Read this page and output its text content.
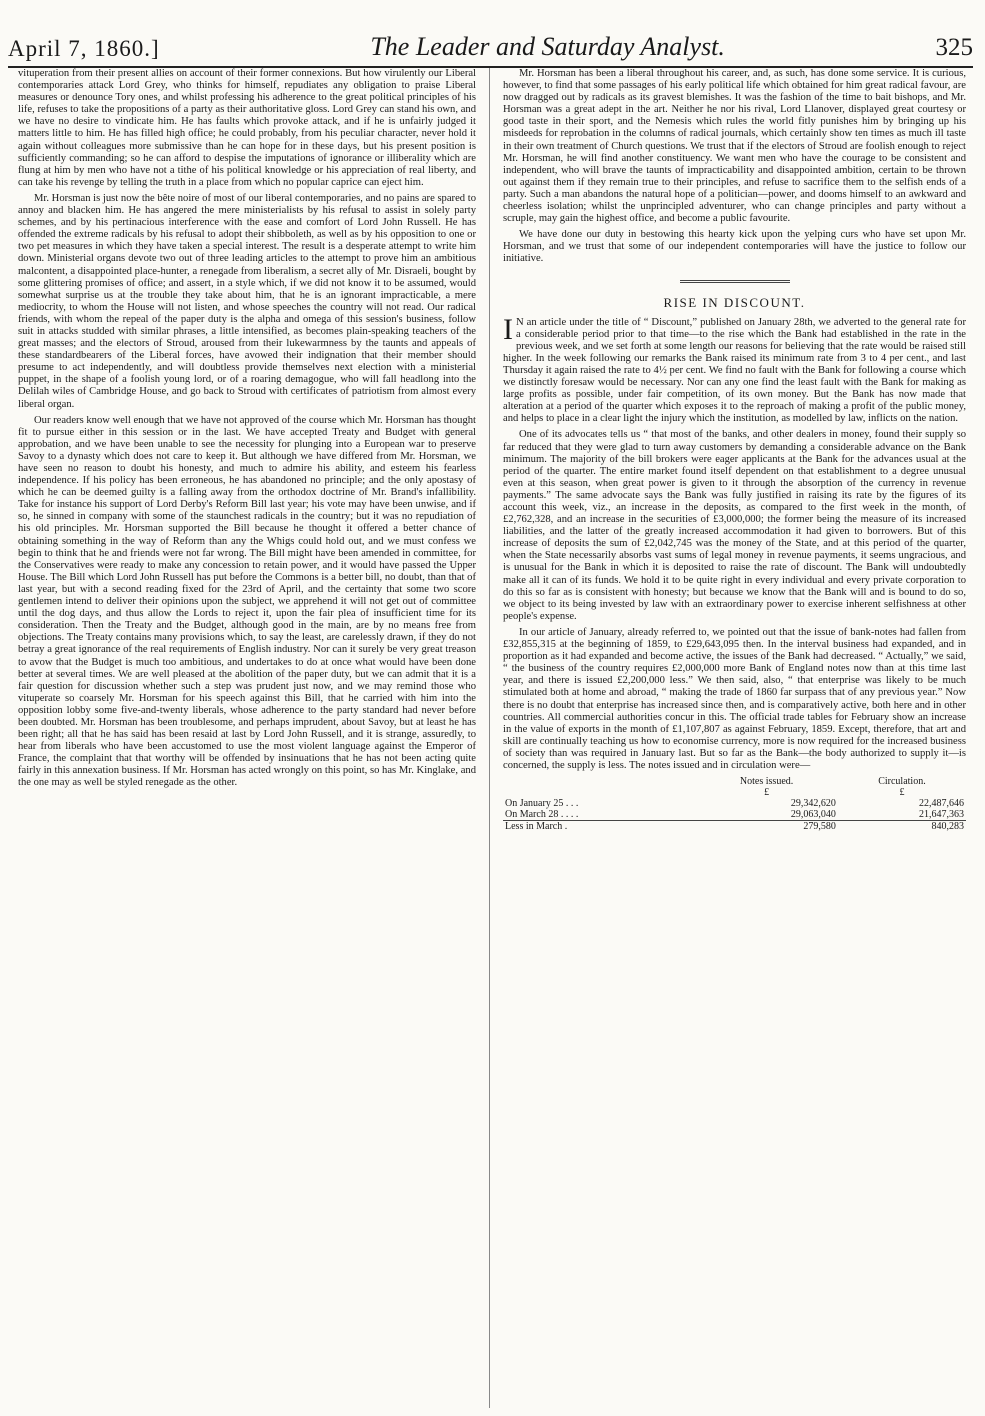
April 7, 1860.]	The Leader and Saturday Analyst.	325

vituperation from their present allies on account of their former connexions. But how virulently our Liberal contemporaries attack Lord Grey, who thinks for himself, repudiates any obligation to praise Liberal measures or denounce Tory ones, and whilst professing his adherence to the great political principles of his life, refuses to take the propositions of a party as their authoritative gloss. Lord Grey can stand his own, and we have no desire to vindicate him. He has faults which provoke attack, and if he is unfairly judged it matters little to him. He has filled high office; he could probably, from his peculiar character, never hold it again without colleagues more submissive than he can hope for in these days, but his present position is sufficiently commanding; so he can afford to despise the imputations of ignorance or illiberality which are flung at him by men who have not a tithe of his political knowledge or his appreciation of real liberty, and can take his revenge by telling the truth in a place from which no popular caprice can eject him.

Mr. Horsman is just now the bête noire of most of our liberal contemporaries, and no pains are spared to annoy and blacken him. He has angered the mere ministerialists by his refusal to assist in solely party schemes, and by his pertinacious interference with the ease and comfort of Lord John Russell. He has offended the extreme radicals by his refusal to adopt their shibboleth, as well as by his opposition to one or two pet measures in which they have taken a special interest. The result is a desperate attempt to write him down. Ministerial organs devote two out of three leading articles to the attempt to prove him an ambitious malcontent, a disappointed place-hunter, a renegade from liberalism, a secret ally of Mr. Disraeli, bought by some glittering promises of office; and assert, in a style which, if we did not know it to be assumed, would somewhat surprise us at the trouble they take about him, that he is an ignorant impracticable, a mere mediocrity, to whom the House will not listen, and whose speeches the country will not read. Our radical friends, with whom the repeal of the paper duty is the alpha and omega of this session's business, follow suit in attacks studded with similar phrases, a little intensified, as becomes plain-speaking teachers of the great masses; and the electors of Stroud, aroused from their lukewarmness by the taunts and appeals of these standardbearers of the Liberal forces, have avowed their indignation that their member should presume to act independently, and will doubtless provide themselves next election with a ministerial puppet, in the shape of a foolish young lord, or of a roaring demagogue, who will fall headlong into the Delilah wiles of Cambridge House, and go back to Stroud with certificates of patriotism from almost every liberal organ.

Our readers know well enough that we have not approved of the course which Mr. Horsman has thought fit to pursue either in this session or in the last. We have accepted Treaty and Budget with general approbation, and we have been unable to see the necessity for plunging into a European war to preserve Savoy to a dynasty which does not care to keep it. But although we have differed from Mr. Horsman, we have seen no reason to doubt his honesty, and much to admire his ability, and esteem his fearless independence. If his policy has been erroneous, he has abandoned no principle; and the only apostasy of which he can be deemed guilty is a falling away from the orthodox doctrine of Mr. Brand's infallibility. Take for instance his support of Lord Derby's Reform Bill last year; his vote may have been unwise, and if so, he sinned in company with some of the staunchest radicals in the country; but it was no repudiation of his old principles. Mr. Horsman supported the Bill because he thought it offered a better chance of obtaining something in the way of Reform than any the Whigs could hold out, and we must confess we begin to think that he and friends were not far wrong. The Bill might have been amended in committee, for the Conservatives were ready to make any concession to retain power, and it would have passed the Upper House. The Bill which Lord John Russell has put before the Commons is a better bill, no doubt, than that of last year, but with a second reading fixed for the 23rd of April, and the certainty that some two score gentlemen intend to deliver their opinions upon the subject, we apprehend it will not get out of committee until the dog days, and thus allow the Lords to reject it, upon the fair plea of insufficient time for its consideration. Then the Treaty and the Budget, although good in the main, are by no means free from objections. The Treaty contains many provisions which, to say the least, are carelessly drawn, if they do not betray a great ignorance of the real requirements of English industry. Nor can it surely be very great treason to avow that the Budget is much too ambitious, and undertakes to do at once what would have been done better at several times. We are well pleased at the abolition of the paper duty, but we can admit that it is a fair question for discussion whether such a step was prudent just now, and we may remind those who vituperate so coarsely Mr. Horsman for his speech against this Bill, that he carried with him into the opposition lobby some five-and-twenty liberals, whose adherence to the party standard had never before been doubted. Mr. Horsman has been troublesome, and perhaps imprudent, about Savoy, but at least he has been right; all that he has said has been resaid at last by Lord John Russell, and it is strange, assuredly, to hear from liberals who have been accustomed to use the most violent language against the Emperor of France, the complaint that that worthy will be offended by insinuations that he has not been acting quite fairly in this annexation business. If Mr. Horsman has acted wrongly on this point, so has Mr. Kinglake, and the one may as well be styled renegade as the other.

Mr. Horsman has been a liberal throughout his career, and, as such, has done some service. It is curious, however, to find that some passages of his early political life which obtained for him great radical favour, are now dragged out by radicals as its gravest blemishes. It was the fashion of the time to bait bishops, and Mr. Horsman was a great adept in the art. Neither he nor his rival, Lord Llanover, displayed great courtesy or good taste in their sport, and the Nemesis which rules the world fitly punishes him by bringing up his misdeeds for reprobation in the columns of radical journals, which certainly show ten times as much ill taste in their own treatment of Church questions. We trust that if the electors of Stroud are foolish enough to reject Mr. Horsman, he will find another constituency. We want men who have the courage to be consistent and independent, who will brave the taunts of impracticability and disappointed ambition, certain to be thrown out against them if they remain true to their principles, and refuse to sacrifice them to the selfish ends of a party. Such a man abandons the natural hope of a politician—power, and dooms himself to an awkward and cheerless isolation; whilst the unprincipled adventurer, who can change principles and party without a scruple, may gain the highest office, and become a public favourite.

We have done our duty in bestowing this hearty kick upon the yelping curs who have set upon Mr. Horsman, and we trust that some of our independent contemporaries will have the justice to follow our initiative.

RISE IN DISCOUNT.

I N an article under the title of “ Discount,” published on January 28th, we adverted to the general rate for a considerable period prior to that time—to the rise which the Bank had established in the rate in the previous week, and we set forth at some length our reasons for believing that the rate would be raised still higher. In the week following our remarks the Bank raised its minimum rate from 3 to 4 per cent., and last Thursday it again raised the rate to 4½ per cent. We find no fault with the Bank for following a course which we distinctly foresaw would be necessary. Nor can any one find the least fault with the Bank for making as large profits as possible, under fair competition, of its own money. But the Bank has now made that alteration at a period of the quarter which exposes it to the reproach of making a profit of the public money, and helps to place in a clear light the injury which the institution, as modelled by law, inflicts on the nation.

One of its advocates tells us “ that most of the banks, and other dealers in money, found their supply so far reduced that they were glad to turn away customers by demanding a considerable advance on the Bank minimum. The majority of the bill brokers were eager applicants at the Bank for the advances usual at the period of the quarter. The entire market found itself dependent on that establishment to a degree unusual even at this season, when great power is given to it through the absorption of the currency in revenue payments.” The same advocate says the Bank was fully justified in raising its rate by the figures of its account this week, viz., an increase in the deposits, as compared to the first week in the month, of £2,762,328, and an increase in the securities of £3,000,000; the former being the measure of its increased liabilities, and the latter of the greatly increased accommodation it had given to borrowers. But of this increase of deposits the sum of £2,042,745 was the money of the State, and at this period of the quarter, when the State necessarily absorbs vast sums of legal money in revenue payments, it seems ungracious, and is unusual for the Bank in which it is deposited to raise the rate of discount. The Bank will undoubtedly make all it can of its funds. We hold it to be quite right in every individual and every private corporation to do this so far as is consistent with honesty; but because we know that the Bank will and is bound to do so, we object to its being invested by law with an extraordinary power to exercise inherent selfishness at other people's expense.

In our article of January, already referred to, we pointed out that the issue of bank-notes had fallen from £32,855,315 at the beginning of 1859, to £29,643,095 then. In the interval business had expanded, and in proportion as it had expanded and become active, the issues of the Bank had decreased. “ Actually,” we said, “ the business of the country requires £2,000,000 more Bank of England notes now than at this time last year, and there is issued £2,200,000 less.” We then said, also, “ that enterprise was likely to be much stimulated both at home and abroad, “ making the trade of 1860 far surpass that of any previous year.” Now there is no doubt that enterprise has increased since then, and is comparatively active, both here and in other countries. All commercial authorities concur in this. The official trade tables for February show an increase in the value of exports in the month of £1,107,807 as against February, 1859. Except, therefore, that art and skill are continually teaching us how to economise currency, more is now required for the increased business of society than was required in January last. But so far as the Bank—the body authorized to supply it—is concerned, the supply is less. The notes issued and in circulation were—

	Notes issued.	Circulation.
	£	£
On January 25 . . .	29,342,620	22,487,646
On March 28 . . . .	29,063,040	21,647,363
Less in March .	279,580	840,283
